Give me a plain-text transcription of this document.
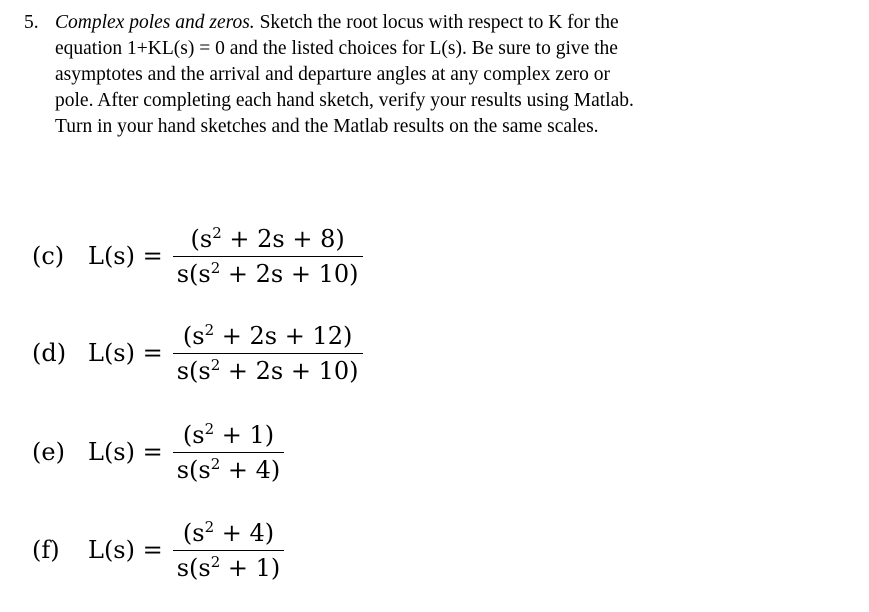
5. Complex poles and zeros. Sketch the root locus with respect to K for the
equation 1+KL(s) = 0 and the listed choices for L(s). Be sure to give the
asymptotes and the arrival and departure angles at any complex zero or
pole. After completing each hand sketch, verify your results using Matlab.
Turn in your hand sketches and the Matlab results on the same scales.
(c) $L(s) = \frac{(s^2 + 2s + 8)}{s(s^2 + 2s + 10)}$
(d) $L(s) = \frac{(s^2 + 2s + 12)}{s(s^2 + 2s + 10)}$
(e) $L(s) = \frac{(s^2 + 1)}{s(s^2 + 4)}$
(f)	$L(s) = \frac{(s^2 + 4)}{s(s^2 + 1)}$
